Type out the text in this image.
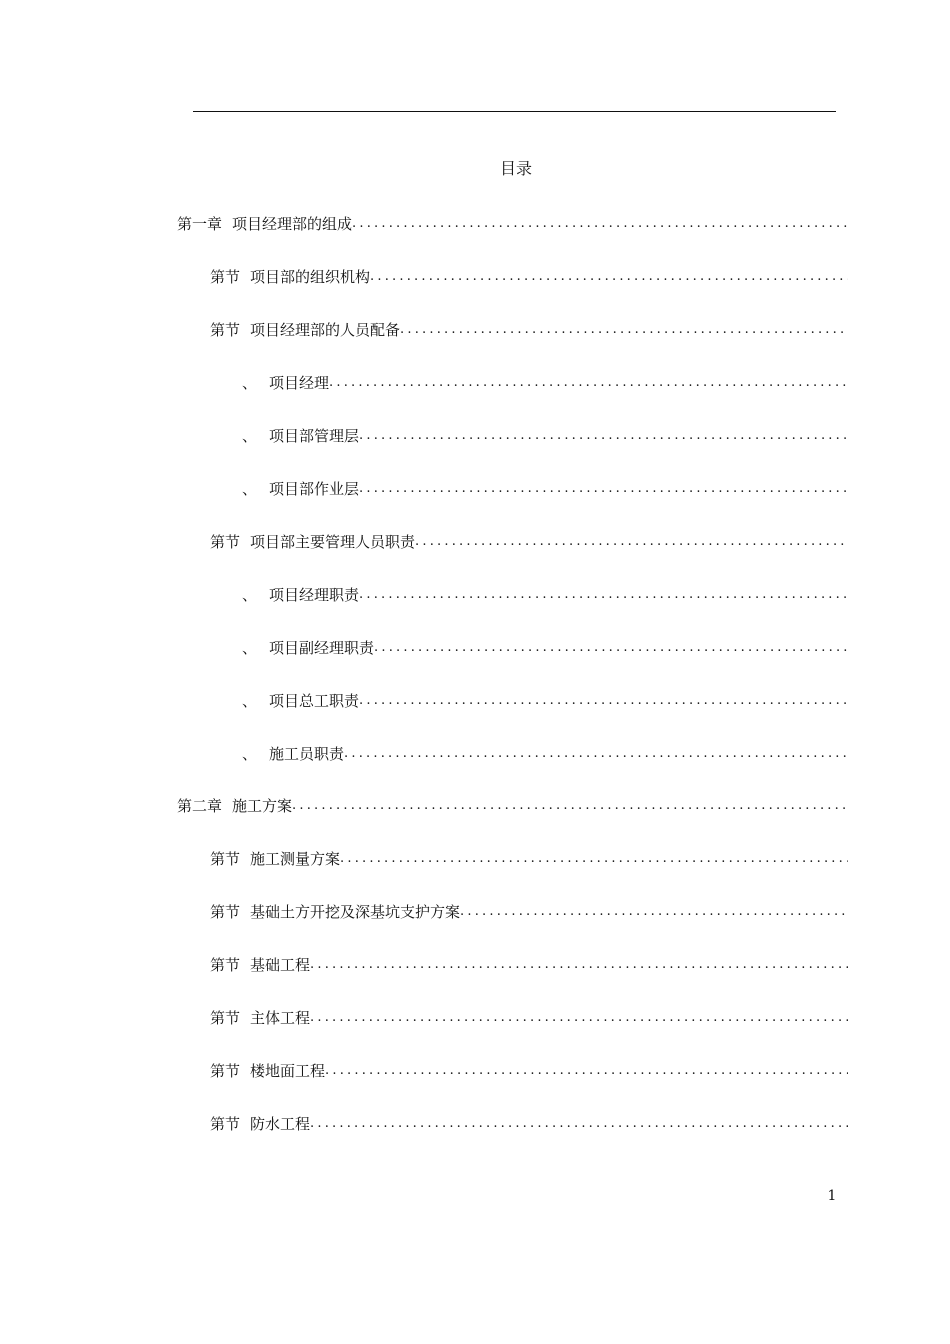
目录
第一章 项目经理部的组成
.....
第节 项目部的组织机构
.....
第节 项目经理部的人员配备
.....
、 项目经理
.....
、 项目部管理层
.....
、 项目部作业层
.....
第节 项目部主要管理人员职责
.....
、 项目经理职责
.....
、 项目副经理职责
.....
、 项目总工职责
.....
、 施工员职责
.....
第二章 施工方案
.....
第节 施工测量方案
.....
第节 基础土方开挖及深基坑支护方案
.....
第节 基础工程
.....
第节 主体工程
.....
第节 楼地面工程
.....
第节 防水工程
.....
1
